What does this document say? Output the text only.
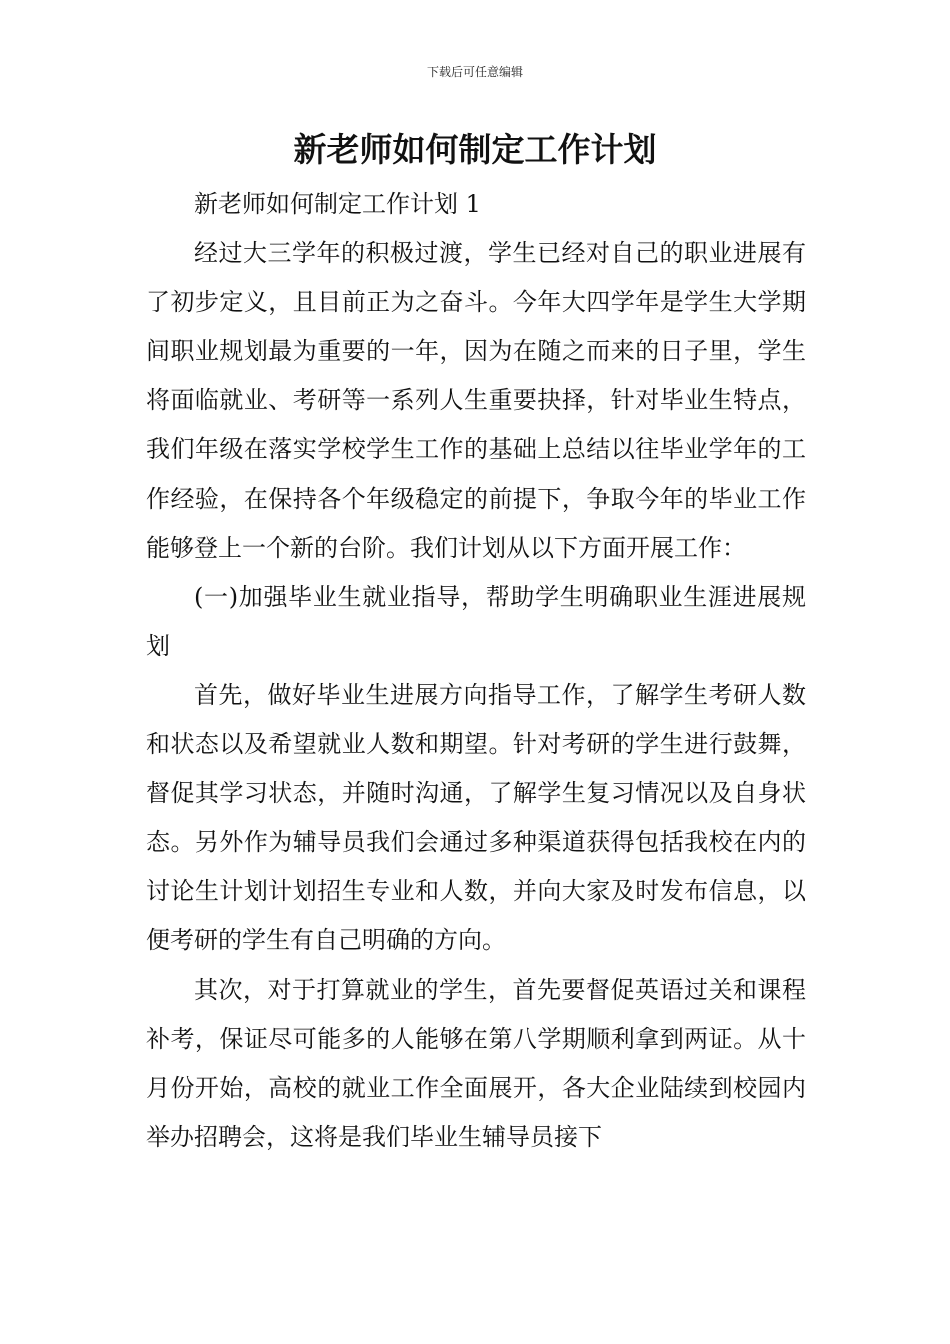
下载后可任意编辑
新老师如何制定工作计划

新老师如何制定工作计划 1

经过大三学年的积极过渡，学生已经对自己的职业进展有了初步定义，且目前正为之奋斗。今年大四学年是学生大学期间职业规划最为重要的一年，因为在随之而来的日子里，学生将面临就业、考研等一系列人生重要抉择，针对毕业生特点，我们年级在落实学校学生工作的基础上总结以往毕业学年的工作经验，在保持各个年级稳定的前提下，争取今年的毕业工作能够登上一个新的台阶。我们计划从以下方面开展工作：

(一)加强毕业生就业指导，帮助学生明确职业生涯进展规划

首先，做好毕业生进展方向指导工作，了解学生考研人数和状态以及希望就业人数和期望。针对考研的学生进行鼓舞，督促其学习状态，并随时沟通，了解学生复习情况以及自身状态。另外作为辅导员我们会通过多种渠道获得包括我校在内的讨论生计划计划招生专业和人数，并向大家及时发布信息，以便考研的学生有自己明确的方向。

其次，对于打算就业的学生，首先要督促英语过关和课程补考，保证尽可能多的人能够在第八学期顺利拿到两证。从十月份开始，高校的就业工作全面展开，各大企业陆续到校园内举办招聘会，这将是我们毕业生辅导员接下
